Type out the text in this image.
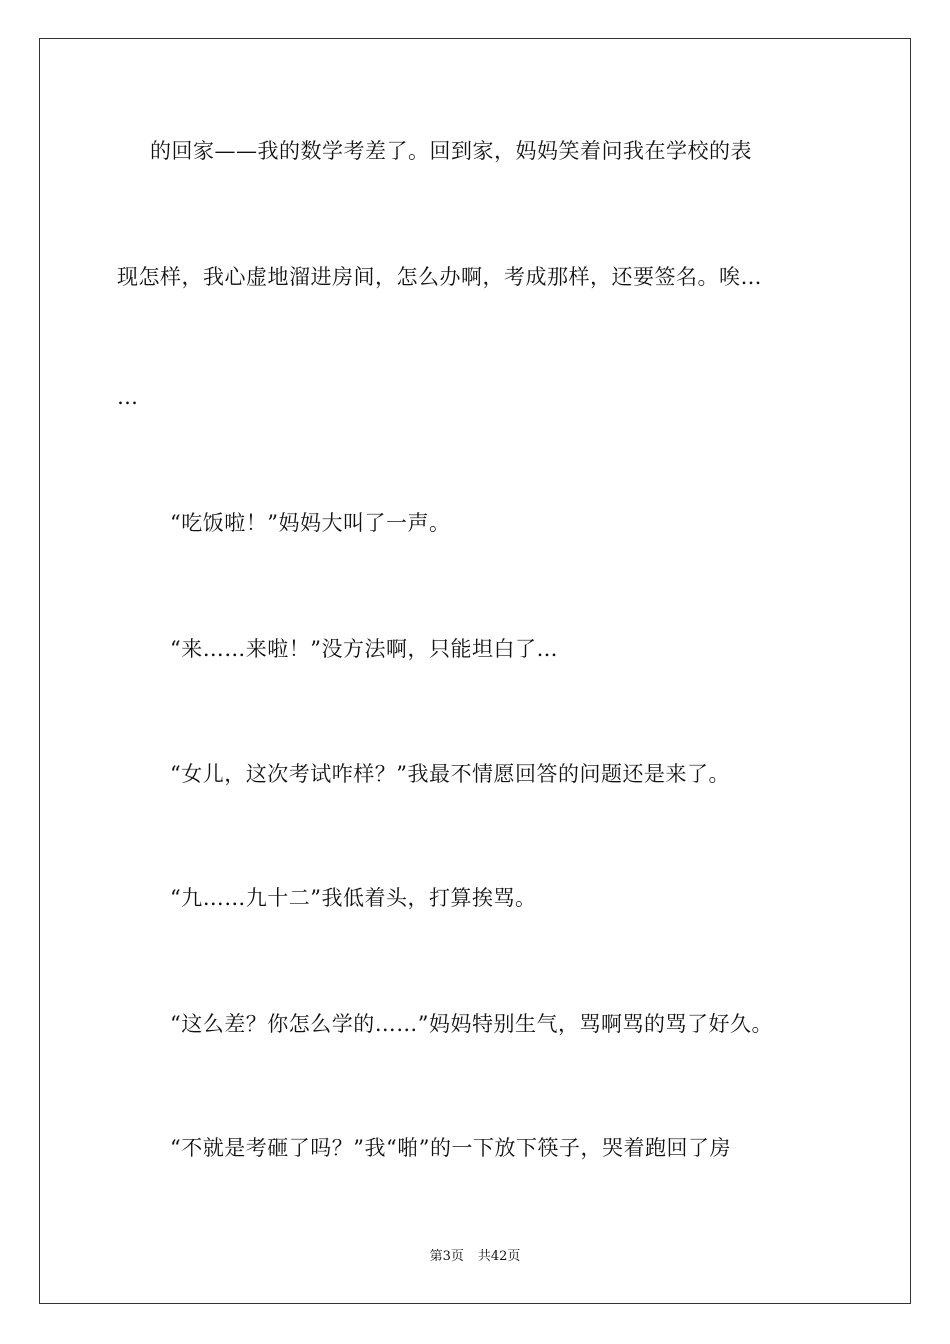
的回家——我的数学考差了。回到家，妈妈笑着问我在学校的表
现怎样，我心虚地溜进房间，怎么办啊，考成那样，还要签名。唉…
…
“吃饭啦！”妈妈大叫了一声。
“来……来啦！”没方法啊，只能坦白了…
“女儿，这次考试咋样？”我最不情愿回答的问题还是来了。
“九……九十二”我低着头，打算挨骂。
“这么差？你怎么学的……”妈妈特别生气，骂啊骂的骂了好久。
“不就是考砸了吗？”我“啪”的一下放下筷子，哭着跑回了房
第3页 共42页
